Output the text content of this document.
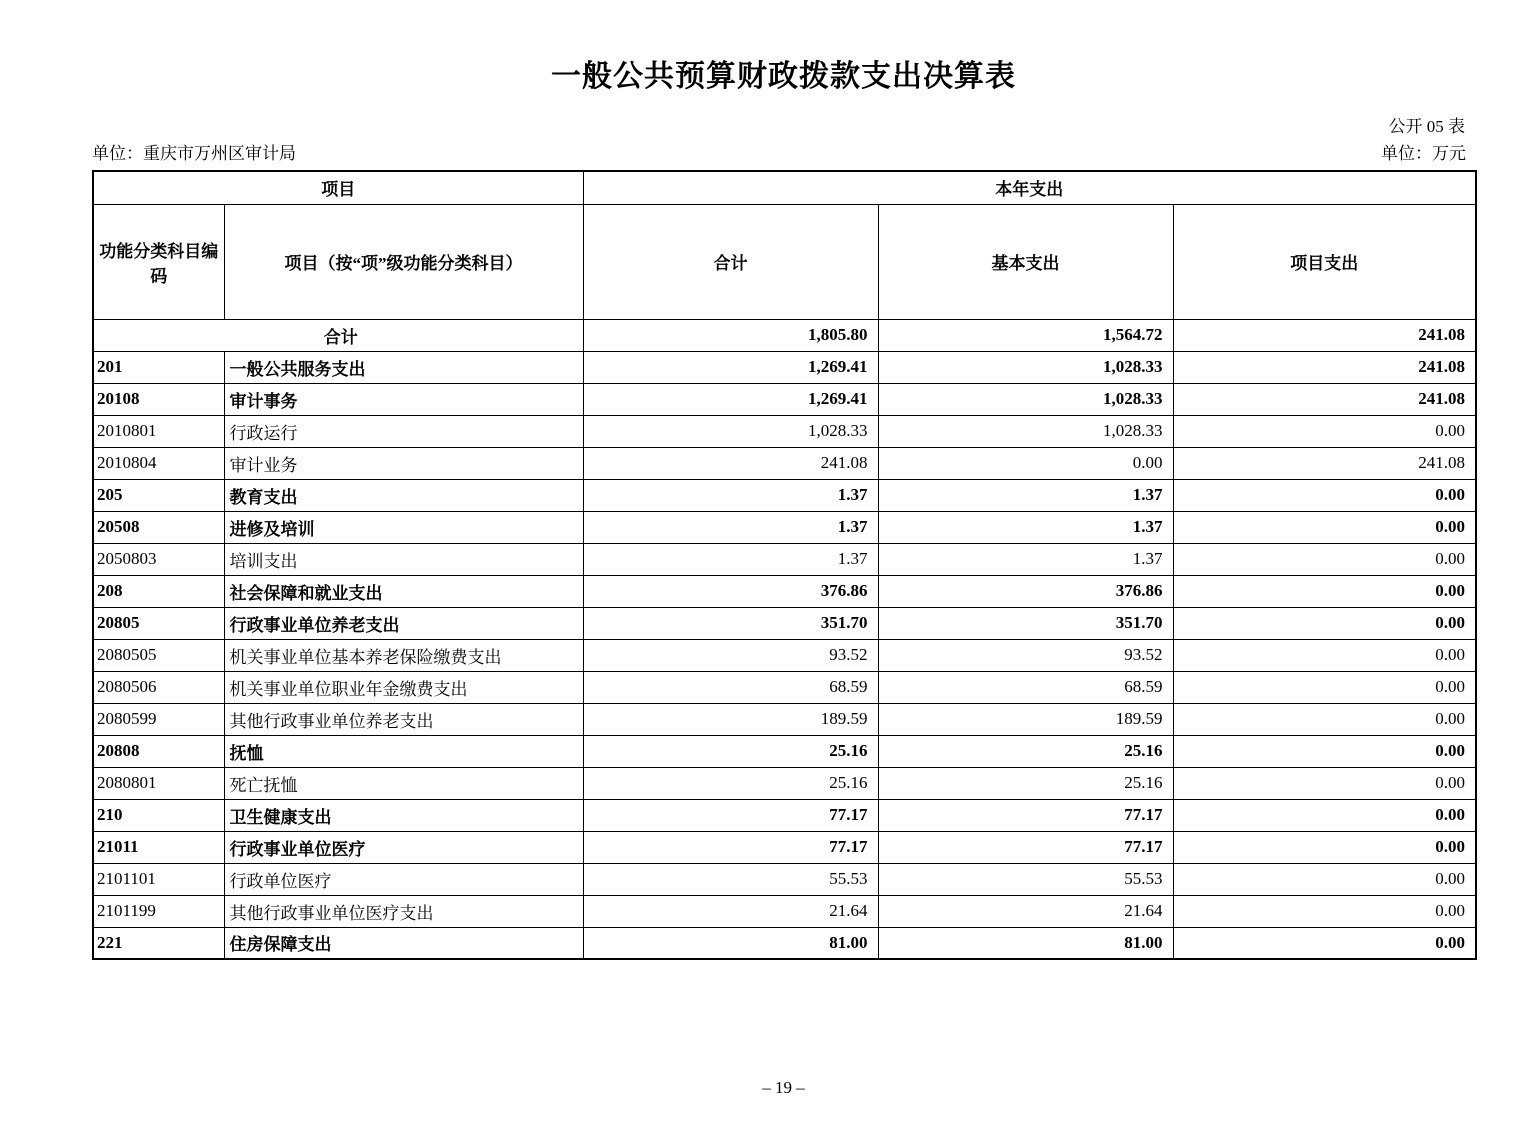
一般公共预算财政拨款支出决算表
公开 05 表
单位：重庆市万州区审计局	单位：万元
项目		本年支出		
功能分类科目编码	项目（按“项”级功能分类科目）	合计	基本支出	项目支出
合计		1,805.80	1,564.72	241.08
201	一般公共服务支出	1,269.41	1,028.33	241.08
20108	审计事务	1,269.41	1,028.33	241.08
2010801	行政运行	1,028.33	1,028.33	0.00
2010804	审计业务	241.08	0.00	241.08
205	教育支出	1.37	1.37	0.00
20508	进修及培训	1.37	1.37	0.00
2050803	培训支出	1.37	1.37	0.00
208	社会保障和就业支出	376.86	376.86	0.00
20805	行政事业单位养老支出	351.70	351.70	0.00
2080505	机关事业单位基本养老保险缴费支出	93.52	93.52	0.00
2080506	机关事业单位职业年金缴费支出	68.59	68.59	0.00
2080599	其他行政事业单位养老支出	189.59	189.59	0.00
20808	抚恤	25.16	25.16	0.00
2080801	死亡抚恤	25.16	25.16	0.00
210	卫生健康支出	77.17	77.17	0.00
21011	行政事业单位医疗	77.17	77.17	0.00
2101101	行政单位医疗	55.53	55.53	0.00
2101199	其他行政事业单位医疗支出	21.64	21.64	0.00
221	住房保障支出	81.00	81.00	0.00
– 19 –
